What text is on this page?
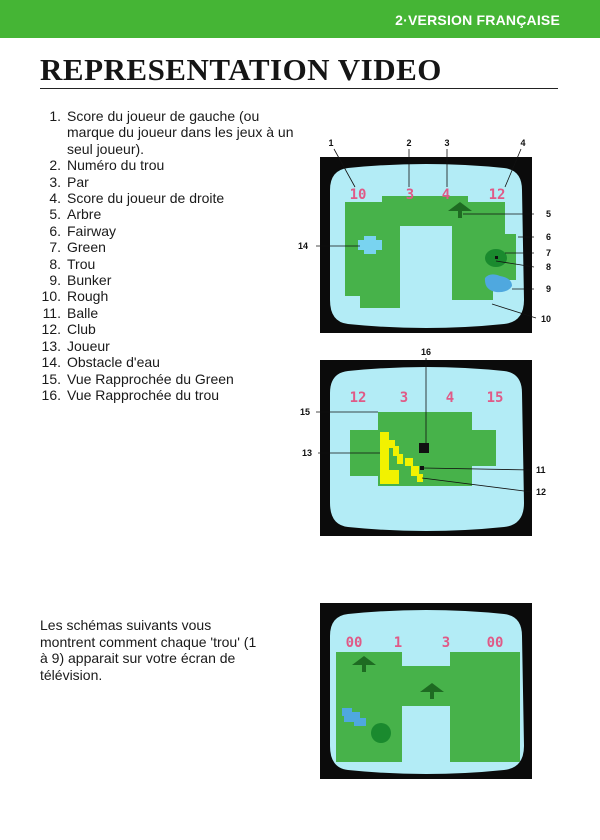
2·VERSION FRANÇAISE
REPRESENTATION VIDEO
1. Score du joueur de gauche (ou marque du joueur dans les jeux à un seul joueur).
2. Numéro du trou
3. Par
4. Score du joueur de droite
5. Arbre
6. Fairway
7. Green
8. Trou
9. Bunker
10. Rough
11. Balle
12. Club
13. Joueur
14. Obstacle d'eau
15. Vue Rapprochée du Green
16. Vue Rapprochée du trou
Les schémas suivants vous montrent comment chaque 'trou' (1 à 9) apparait sur votre écran de télévision.
10	3 4	12
1	2	3	4
5
6
7
8
9
10
14
12 3	4 15
16
15
13
11
12
00 1	3	00
